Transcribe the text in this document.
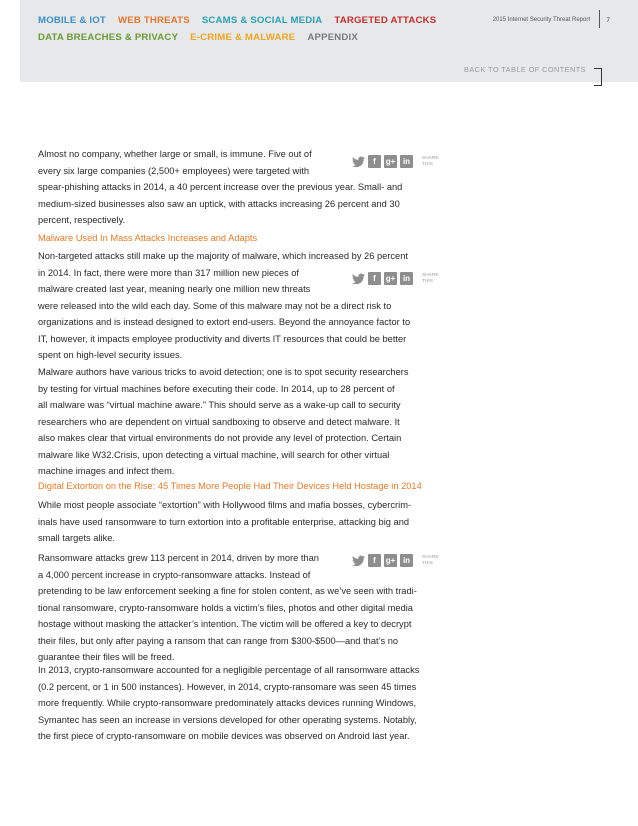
MOBILE & IOT WEB THREATS SCAMS & SOCIAL MEDIA TARGETED ATTACKS
DATA BREACHES & PRIVACY E-CRIME & MALWARE APPENDIX
2015 Internet Security Threat Report	7
BACK TO TABLE OF CONTENTS
Almost no company, whether large or small, is immune. Five out of
every six large companies (2,500+ employees) were targeted with
spear-phishing attacks in 2014, a 40 percent increase over the previous year. Small- and
medium-sized businesses also saw an uptick, with attacks increasing 26 percent and 30
percent, respectively.
f	g+ in	SHARE
THIS
Malware Used In Mass Attacks Increases and Adapts
Non-targeted attacks still make up the majority of malware, which increased by 26 percent
in 2014. In fact, there were more than 317 million new pieces of
malware created last year, meaning nearly one million new threats
were released into the wild each day. Some of this malware may not be a direct risk to
organizations and is instead designed to extort end-users. Beyond the annoyance factor to
IT, however, it impacts employee productivity and diverts IT resources that could be better
spent on high-level security issues.
f	g+ in	SHARE
THIS
Malware authors have various tricks to avoid detection; one is to spot security researchers
by testing for virtual machines before executing their code. In 2014, up to 28 percent of
all malware was “virtual machine aware.” This should serve as a wake-up call to security
researchers who are dependent on virtual sandboxing to observe and detect malware. It
also makes clear that virtual environments do not provide any level of protection. Certain
malware like W32.Crisis, upon detecting a virtual machine, will search for other virtual
machine images and infect them.
Digital Extortion on the Rise: 45 Times More People Had Their Devices Held Hostage in 2014
While most people associate “extortion” with Hollywood films and mafia bosses, cybercrim-
inals have used ransomware to turn extortion into a profitable enterprise, attacking big and
small targets alike.
Ransomware attacks grew 113 percent in 2014, driven by more than
a 4,000 percent increase in crypto-ransomware attacks. Instead of
pretending to be law enforcement seeking a fine for stolen content, as we’ve seen with tradi-
tional ransomware, crypto-ransomware holds a victim’s files, photos and other digital media
hostage without masking the attacker’s intention. The victim will be offered a key to decrypt
their files, but only after paying a ransom that can range from $300-$500—and that’s no
guarantee their files will be freed.
f	g+ in	SHARE
THIS
In 2013, crypto-ransomware accounted for a negligible percentage of all ransomware attacks
(0.2 percent, or 1 in 500 instances). However, in 2014, crypto-ransomare was seen 45 times
more frequently. While crypto-ransomware predominately attacks devices running Windows,
Symantec has seen an increase in versions developed for other operating systems. Notably,
the first piece of crypto-ransomware on mobile devices was observed on Android last year.
